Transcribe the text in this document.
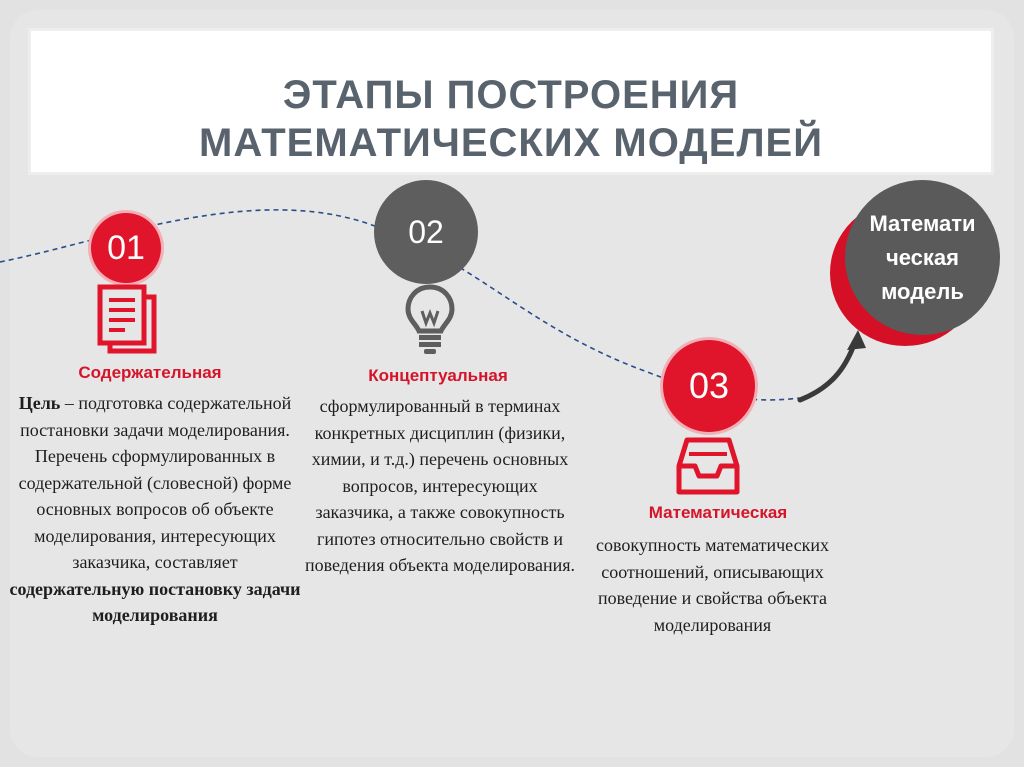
ЭТАПЫ ПОСТРОЕНИЯ
МАТЕМАТИЧЕСКИХ МОДЕЛЕЙ
01	02
03
Математи
ческая
модель
Содержательная
Цель – подготовка содержательной постановки задачи моделирования. Перечень сформулированных в содержательной (словесной) форме основных вопросов об объекте моделирования, интересующих заказчика, составляет содержательную постановку задачи моделирования
Концептуальная
сформулированный в терминах конкретных дисциплин (физики, химии, и т.д.) перечень основных вопросов, интересующих заказчика, а также совокупность гипотез относительно свойств и поведения объекта моделирования.
Математическая
совокупность математических соотношений, описывающих поведение и свойства объекта моделирования
